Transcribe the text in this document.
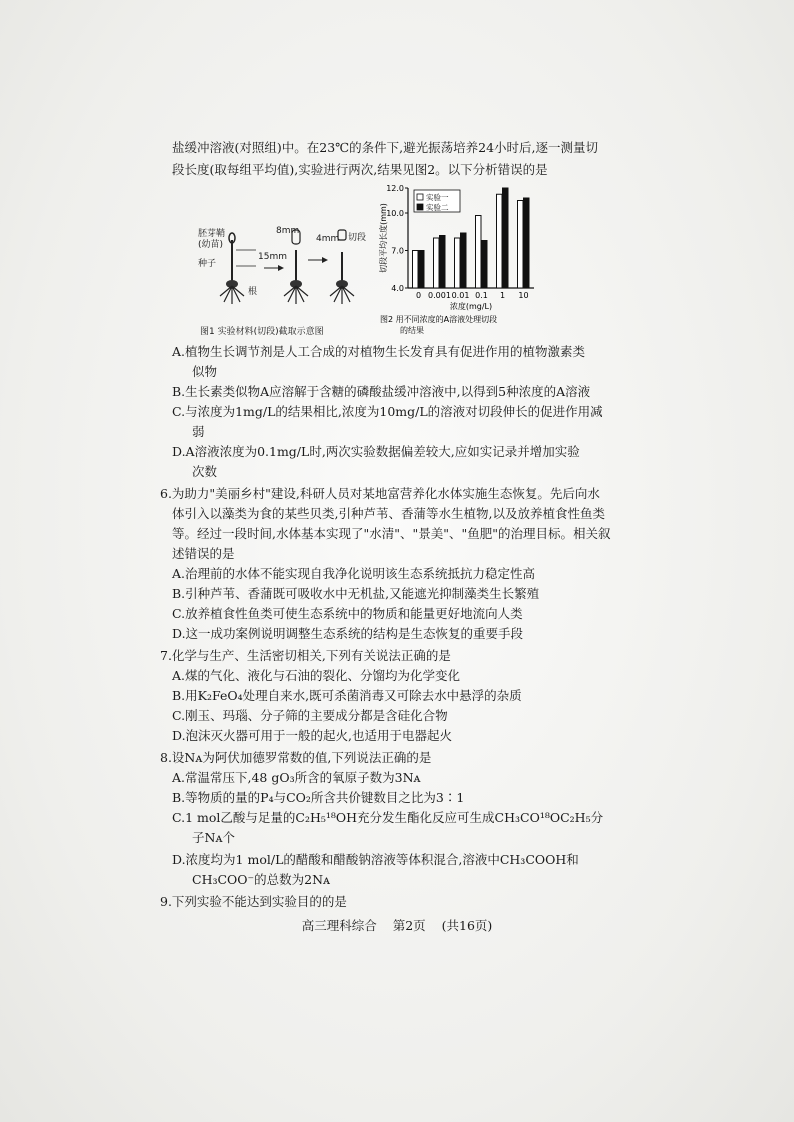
盐缓冲溶液(对照组)中。在23℃的条件下,避光振荡培养24小时后,逐一测量切
段长度(取每组平均值),实验进行两次,结果见图2。以下分析错误的是
胚芽鞘
(幼苗)
种子
15mm
根
8mm
4mm 切段
图1 实验材料(切段)截取示意图
4.0
7.0
10.0
12.0
切段平均长度(mm)
0 0.001 0.01 0.1 1 10
浓度(mg/L)
实验一
实验二
图2 用不同浓度的A溶液处理切段
的结果
A.植物生长调节剂是人工合成的对植物生长发育具有促进作用的植物激素类
似物
B.生长素类似物A应溶解于含糖的磷酸盐缓冲溶液中,以得到5种浓度的A溶液
C.与浓度为1mg/L的结果相比,浓度为10mg/L的溶液对切段伸长的促进作用减
弱
D.A溶液浓度为0.1mg/L时,两次实验数据偏差较大,应如实记录并增加实验
次数
6.为助力"美丽乡村"建设,科研人员对某地富营养化水体实施生态恢复。先后向水
体引入以藻类为食的某些贝类,引种芦苇、香蒲等水生植物,以及放养植食性鱼类
等。经过一段时间,水体基本实现了"水清"、"景美"、"鱼肥"的治理目标。相关叙
述错误的是
A.治理前的水体不能实现自我净化说明该生态系统抵抗力稳定性高
B.引种芦苇、香蒲既可吸收水中无机盐,又能遮光抑制藻类生长繁殖
C.放养植食性鱼类可使生态系统中的物质和能量更好地流向人类
D.这一成功案例说明调整生态系统的结构是生态恢复的重要手段
7.化学与生产、生活密切相关,下列有关说法正确的是
A.煤的气化、液化与石油的裂化、分馏均为化学变化
B.用K₂FeO₄处理自来水,既可杀菌消毒又可除去水中悬浮的杂质
C.刚玉、玛瑙、分子筛的主要成分都是含硅化合物
D.泡沫灭火器可用于一般的起火,也适用于电器起火
8.设Nᴀ为阿伏加德罗常数的值,下列说法正确的是
A.常温常压下,48 gO₃所含的氧原子数为3Nᴀ
B.等物质的量的P₄与CO₂所含共价键数目之比为3∶1
C.1 mol乙酸与足量的C₂H₅¹⁸OH充分发生酯化反应可生成CH₃CO¹⁸OC₂H₅分
子Nᴀ个
D.浓度均为1 mol/L的醋酸和醋酸钠溶液等体积混合,溶液中CH₃COOH和
CH₃COO⁻的总数为2Nᴀ
9.下列实验不能达到实验目的的是
高三理科综合 第2页 (共16页)
